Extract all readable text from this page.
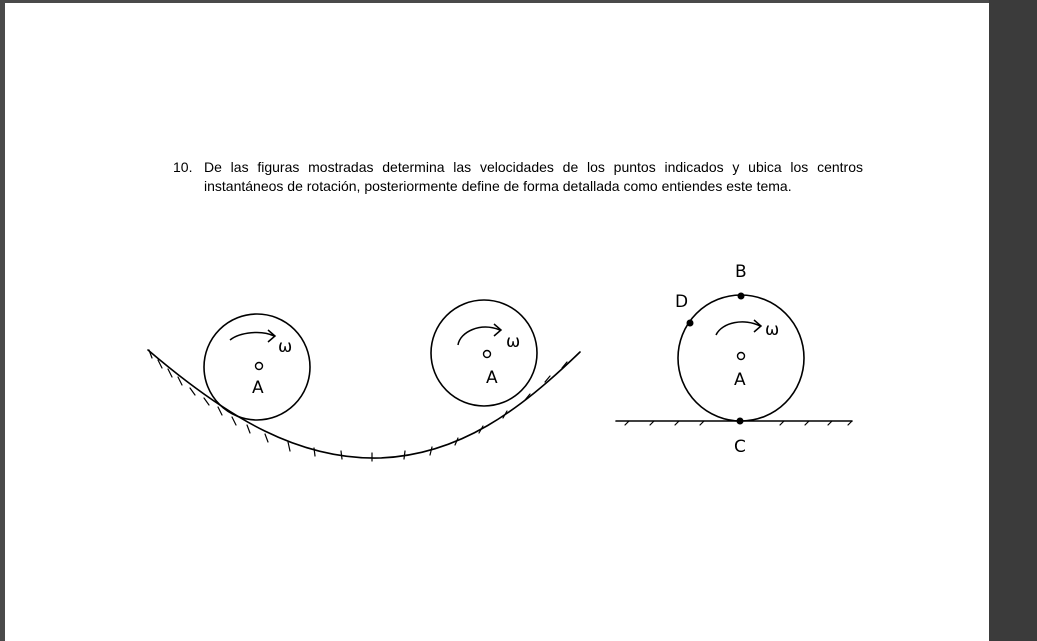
10. De las figuras mostradas determina las velocidades de los puntos indicados y ubica los centros
instantáneos de rotación, posteriormente define de forma detallada como entiendes este tema.
A
ω
A
ω
A
ω
B
D
C
